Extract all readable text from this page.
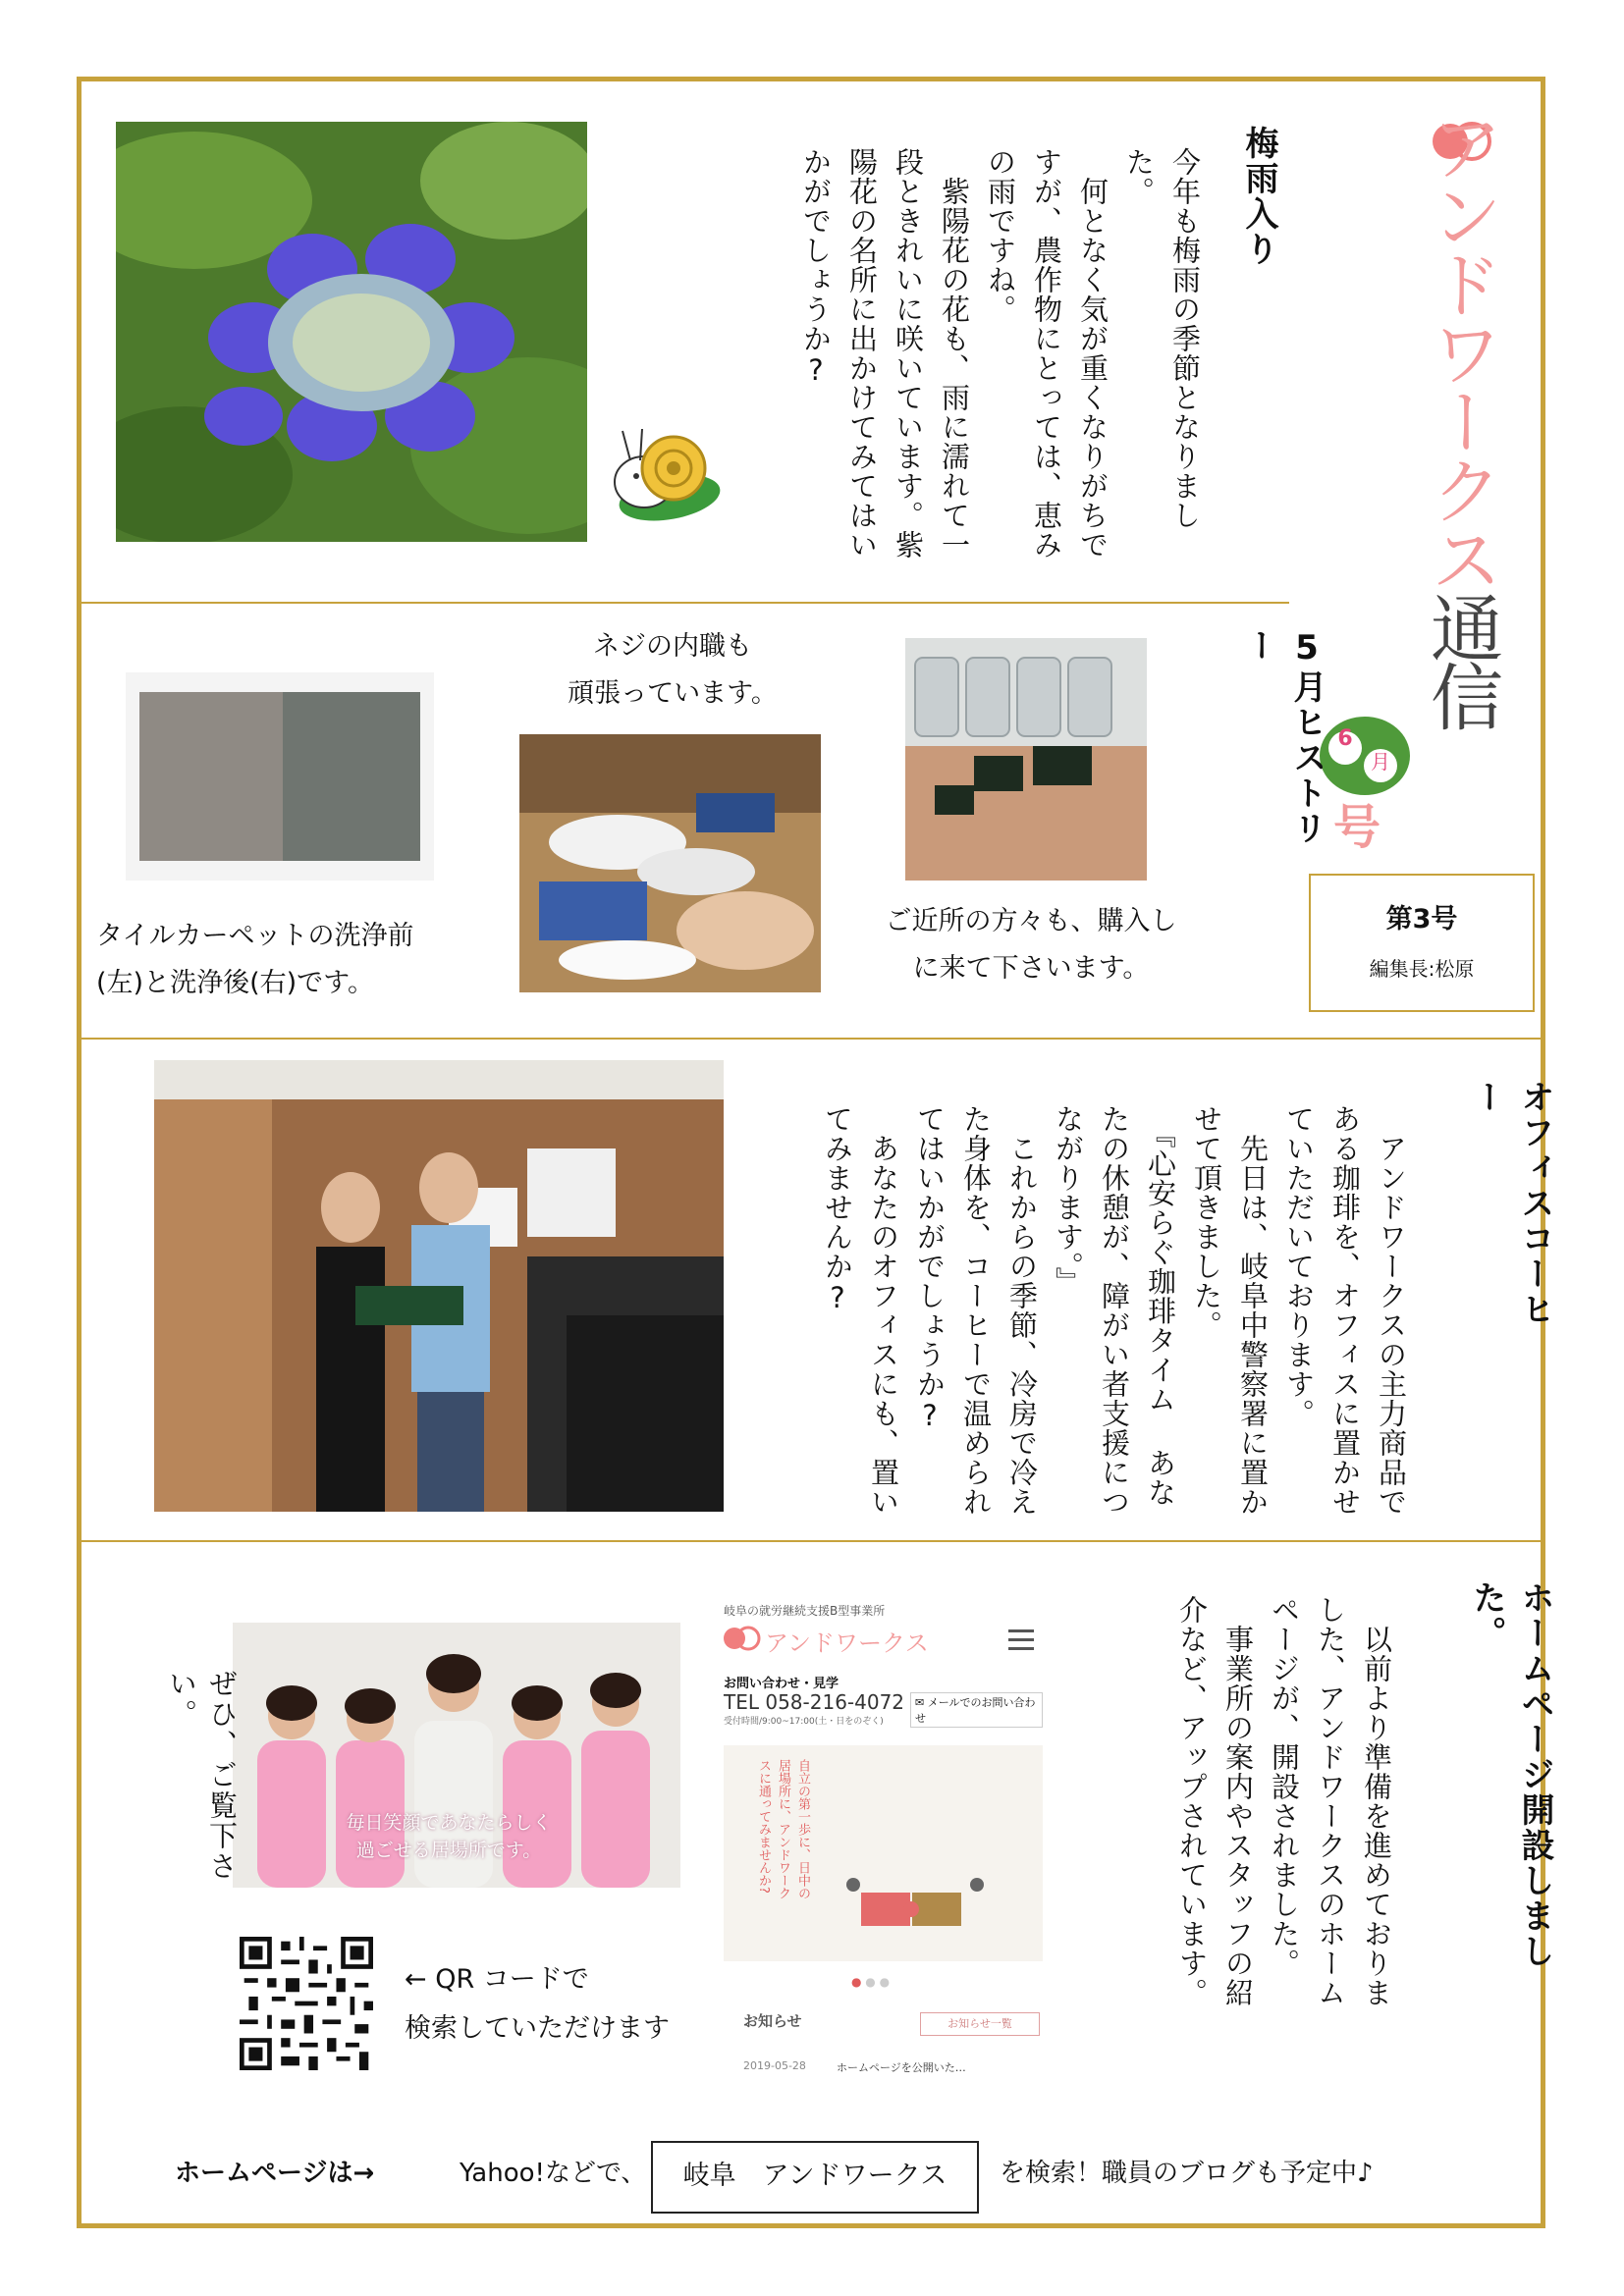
アンドワークス通信
6
月
号
第3号
編集長:松原
梅雨入り
今年も梅雨の季節となりました。
　何となく気が重くなりがちですが、農作物にとっては、恵みの雨ですね。
　紫陽花の花も、雨に濡れて一段ときれいに咲いています。紫陽花の名所に出かけてみてはいかがでしょうか?
5月ヒストリー
ネジの内職も
頑張っています。
タイルカーペットの洗浄前
(左)と洗浄後(右)です。
ご近所の方々も、購入し
に来て下さいます。
オフィスコーヒー
　アンドワークスの主力商品である珈琲を、オフィスに置かせていただいております。
　先日は、岐阜中警察署に置かせて頂きました。
　『心安らぐ珈琲タイム あなたの休憩が、障がい者支援につながります。』
　これからの季節、冷房で冷えた身体を、コーヒーで温められてはいかがでしょうか?
　あなたのオフィスにも、置いてみませんか?
ホームページ開設しました。
　以前より準備を進めておりました、アンドワークスのホームページが、開設されました。
　事業所の案内やスタッフの紹介など、アップされています。
岐阜の就労継続支援B型事業所
アンドワークス
お問い合わせ・見学
TEL 058-216-4072
受付時間/9:00~17:00(土・日をのぞく)
✉ メールでのお問い合わせ
自立の第一歩に、日中の居場所に、アンドワークスに通ってみませんか?
● ● ●
お知らせ	お知らせ一覧
2019-05-28	ホームページを公開いた…
毎日笑顔であなたらしく
過ごせる居場所です。
ぜひ、ご覧下さい。
← QR コードで
検索していただけます
ホームページは→	Yahoo!などで、	岐阜　アンドワークス	を検索！職員のブログも予定中♪
